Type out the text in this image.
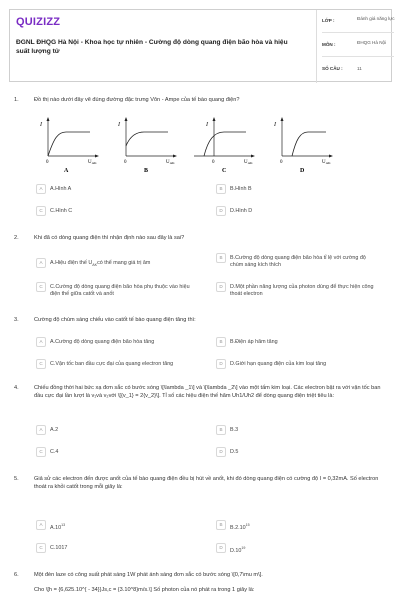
QUIZIZZ
ĐGNL ĐHQG Hà Nội - Khoa học tự nhiên - Cường độ dòng quang điện bão hòa và hiệu suất lượng tử
LỚP :	Đánh giá năng lực
MÔN :	ĐHQG Hà Nội
SỐ CÂU :	11
1.	Đồ thị nào dưới đây vẽ đúng đường đặc trưng Vôn - Ampe của tế bào quang điện?
I
0	$U_{AK}$
A
I
0	$U_{AK}$
B
I
0	$U_{AK}$
C
I
0	$U_{AK}$
D
A	A.Hình A	B	B.Hình B
C	C.Hình C	D	D.Hình D
2.	Khi đã có dòng quang điện thì nhận định nào sau đây là sai?
A	A.Hiệu điện thế $U_{AK}có$ thể mang giá trị âm
B	B.Cường độ dòng quang điện bão hòa tỉ lệ với cường độ chùm sáng kích thích
C	C.Cường độ dòng quang điện bão hòa phụ thuộc vào hiệu điện thế giữa catốt và anốt
D	D.Một phần năng lượng của photon dùng để thực hiện công thoát electron
3.	Cường độ chùm sáng chiếu vào catốt tế bào quang điện tăng thì:
A	A.Cường độ dòng quang điện bão hòa tăng	B	B.Điện áp hãm tăng
C	C.Vận tốc ban đầu cực đại của quang electron tăng	D	D.Giới hạn quang điện của kim loại tăng
4.	Chiếu đồng thời hai bức xạ đơn sắc có bước sóng \[\lambda _1\] và \[\lambda _2\] vào một tấm kim loại. Các electron bật ra với vận tốc ban đầu cực đại lần lượt là v₁và v₂với \[{v_1} = 2{v_2}\]. Tỉ số các hiệu điện thế hãm Uh1/Uh2 để dòng quang điện triệt tiêu là:
A	A.2	B	B.3
C	C.4	D	D.5
5.	Giả sử các electron đến được anốt của tế bào quang điện đều bị hút về anốt, khi đó dòng quang điện có cường độ I = 0,32mA. Số electron thoát ra khỏi catốt trong mỗi giây là:
A	$A.10^{13}$	B	B.2.10$^{15}$
C	C.1017	D	$D.10^{19}$
6.	Một đèn laze có công suất phát sáng 1W phát ánh sáng đơn sắc có bước sóng \[0,7\mu m\].
Cho \[h = {6,625.10^{ - 34}}Js,c = {3.10^8}m/s.\] Số photon của nó phát ra trong 1 giây là:
